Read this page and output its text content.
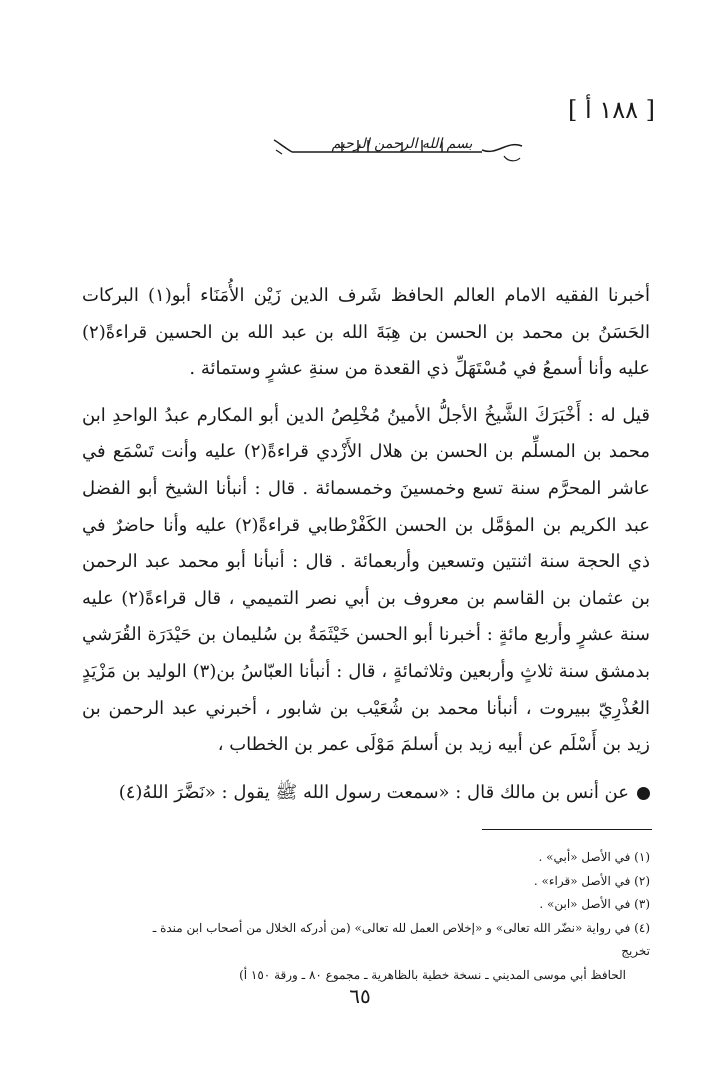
[ ١٨٨ أ ]
بسم الله الرحمن الرحيم

أخبرنا الفقيه الامام العالم الحافظ شَرف الدين زَيْن الأُمَنَاء أبو(١) البركات الحَسَنُ بن محمد بن الحسن بن هِبَةَ الله بن عبد الله بن الحسين قراءةً(٢) عليه وأنا أسمعُ في مُسْتَهَلِّ ذي القعدة من سنةِ عشرٍ وستمائة .

قيل له : أَخْبَرَكَ الشَّيخُ الأجلُّ الأمينُ مُخْلِصُ الدين أبو المكارم عبدُ الواحدِ ابن محمد بن المسلِّم بن الحسن بن هلال الأَزْدي قراءةً(٢) عليه وأنت تَسْمَع في عاشر المحرَّم سنة تسع وخمسينَ وخمسمائة . قال : أنبأنا الشيخ أبو الفضل عبد الكريم بن المؤمَّل بن الحسن الكَفْرْطابي قراءةً(٢) عليه وأنا حاضرٌ في ذي الحجة سنة اثنتين وتسعين وأربعمائة . قال : أنبأنا أبو محمد عبد الرحمن بن عثمان بن القاسم بن معروف بن أبي نصر التميمي ، قال قراءةً(٢) عليه سنة عشرٍ وأربع مائةٍ : أخبرنا أبو الحسن خَيْثَمَةُ بن سُليمان بن حَيْدَرَة القُرَشي بدمشق سنة ثلاثٍ وأربعين وثلاثمائةٍ ، قال : أنبأنا العبّاسُ بن(٣) الوليد بن مَزْيَدٍ العُذْرِيّ ببيروت ، أنبأنا محمد بن شُعَيْب بن شابور ، أخبرني عبد الرحمن بن زيد بن أَسْلَم عن أبيه زيد بن أسلمَ مَوْلَى عمر بن الخطاب ،

عن أنس بن مالك قال : «سمعت رسول الله ﷺ يقول : «نَضَّرَ اللهُ(٤)

(١) في الأصل «أبي» .

(٢) في الأصل «قراء» .

(٣) في الأصل «ابن» .

(٤) في رواية «نضّر الله تعالى» و «إخلاص العمل لله تعالى» (من أدركه الخلال من أصحاب ابن مندة ـ تخريج

الحافظ أبي موسى المديني ـ نسخة خطية بالظاهرية ـ مجموع ٨٠ ـ ورقة ١٥٠ أ)

٦٥
